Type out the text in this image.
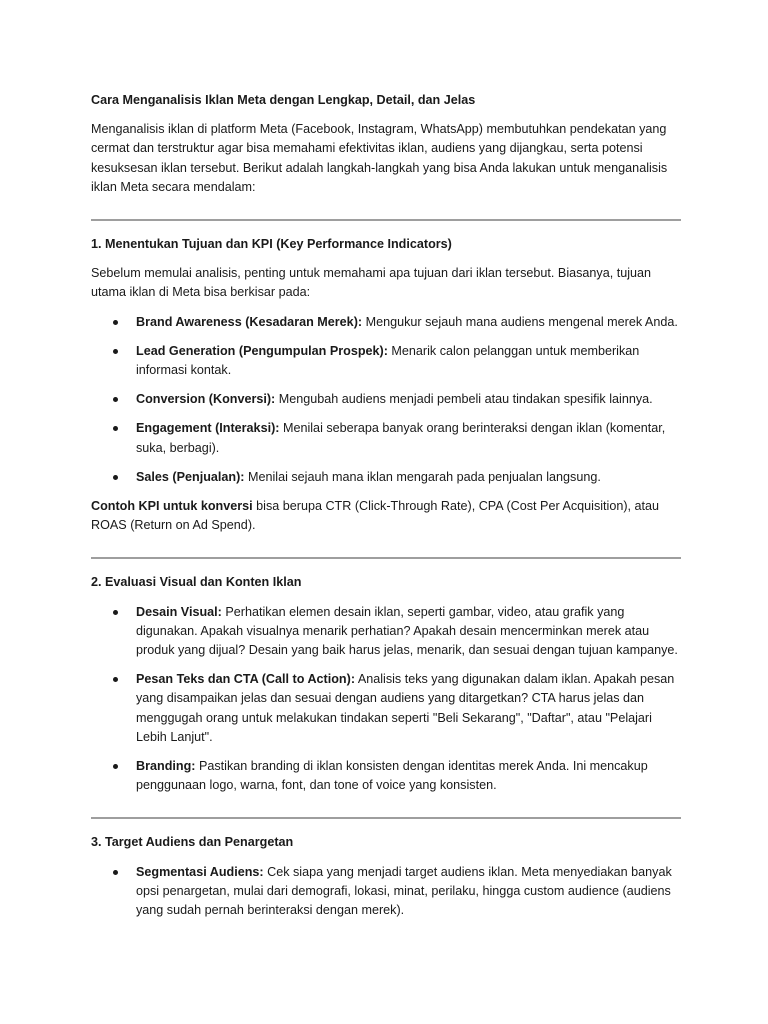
Cara Menganalisis Iklan Meta dengan Lengkap, Detail, dan Jelas

Menganalisis iklan di platform Meta (Facebook, Instagram, WhatsApp) membutuhkan pendekatan yang cermat dan terstruktur agar bisa memahami efektivitas iklan, audiens yang dijangkau, serta potensi kesuksesan iklan tersebut. Berikut adalah langkah-langkah yang bisa Anda lakukan untuk menganalisis iklan Meta secara mendalam:

1. Menentukan Tujuan dan KPI (Key Performance Indicators)

Sebelum memulai analisis, penting untuk memahami apa tujuan dari iklan tersebut. Biasanya, tujuan utama iklan di Meta bisa berkisar pada:

Brand Awareness (Kesadaran Merek): Mengukur sejauh mana audiens mengenal merek Anda.
Lead Generation (Pengumpulan Prospek): Menarik calon pelanggan untuk memberikan informasi kontak.
Conversion (Konversi): Mengubah audiens menjadi pembeli atau tindakan spesifik lainnya.
Engagement (Interaksi): Menilai seberapa banyak orang berinteraksi dengan iklan (komentar, suka, berbagi).
Sales (Penjualan): Menilai sejauh mana iklan mengarah pada penjualan langsung.

Contoh KPI untuk konversi bisa berupa CTR (Click-Through Rate), CPA (Cost Per Acquisition), atau ROAS (Return on Ad Spend).

2. Evaluasi Visual dan Konten Iklan
Desain Visual: Perhatikan elemen desain iklan, seperti gambar, video, atau grafik yang digunakan. Apakah visualnya menarik perhatian? Apakah desain mencerminkan merek atau produk yang dijual? Desain yang baik harus jelas, menarik, dan sesuai dengan tujuan kampanye.
Pesan Teks dan CTA (Call to Action): Analisis teks yang digunakan dalam iklan. Apakah pesan yang disampaikan jelas dan sesuai dengan audiens yang ditargetkan? CTA harus jelas dan menggugah orang untuk melakukan tindakan seperti "Beli Sekarang", "Daftar", atau "Pelajari Lebih Lanjut".
Branding: Pastikan branding di iklan konsisten dengan identitas merek Anda. Ini mencakup penggunaan logo, warna, font, dan tone of voice yang konsisten.
3. Target Audiens dan Penargetan
Segmentasi Audiens: Cek siapa yang menjadi target audiens iklan. Meta menyediakan banyak opsi penargetan, mulai dari demografi, lokasi, minat, perilaku, hingga custom audience (audiens yang sudah pernah berinteraksi dengan merek).
